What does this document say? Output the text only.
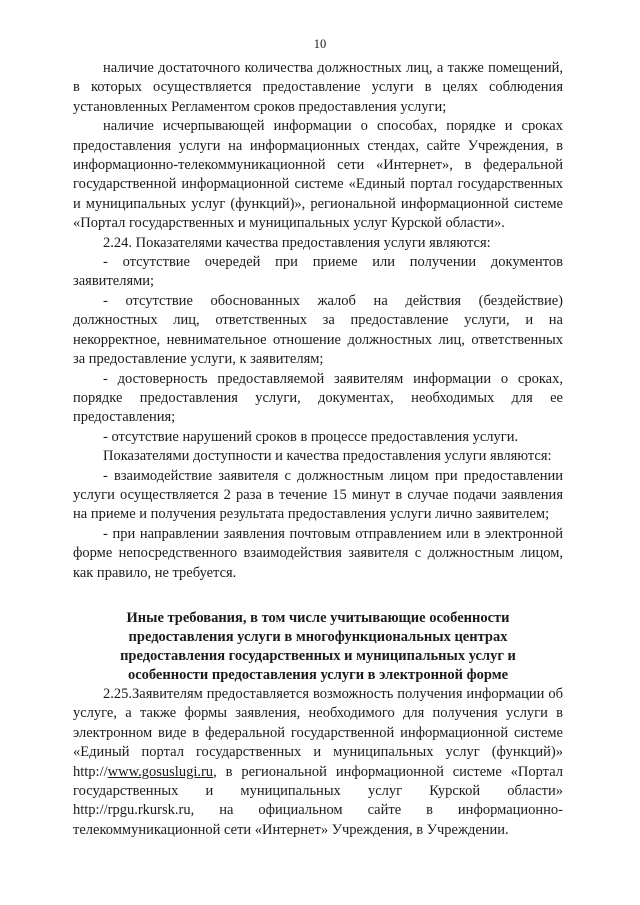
10

наличие достаточного количества должностных лиц, а также помещений, в которых осуществляется предоставление услуги в целях соблюдения установленных Регламентом сроков предоставления услуги;

наличие исчерпывающей информации о способах, порядке и сроках предоставления услуги на информационных стендах, сайте Учреждения, в информационно-телекоммуникационной сети «Интернет», в федеральной государственной информационной системе «Единый портал государственных и муниципальных услуг (функций)», региональной информационной системе «Портал государственных и муниципальных услуг Курской области».

2.24. Показателями качества предоставления услуги являются:

- отсутствие очередей при приеме или получении документов заявителями;

- отсутствие обоснованных жалоб на действия (бездействие) должностных лиц, ответственных за предоставление услуги, и на некорректное, невнимательное отношение должностных лиц, ответственных за предоставление услуги, к заявителям;

- достоверность предоставляемой заявителям информации о сроках, порядке предоставления услуги, документах, необходимых для ее предоставления;

- отсутствие нарушений сроков в процессе предоставления услуги.

Показателями доступности и качества предоставления услуги являются:

- взаимодействие заявителя с должностным лицом при предоставлении услуги осуществляется 2 раза в течение 15 минут в случае подачи заявления на приеме и получения результата предоставления услуги лично заявителем;

- при направлении заявления почтовым отправлением или в электронной форме непосредственного взаимодействия заявителя с должностным лицом, как правило, не требуется.

Иные требования, в том числе учитывающие особенности предоставления услуги в многофункциональных центрах предоставления государственных и муниципальных услуг и особенности предоставления услуги в электронной форме

2.25.Заявителям предоставляется возможность получения информации об услуге, а также формы заявления, необходимого для получения услуги в электронном виде в федеральной государственной информационной системе «Единый портал государственных и муниципальных услуг (функций)» http://www.gosuslugi.ru, в региональной информационной системе «Портал государственных и муниципальных услуг Курской области» http://rpgu.rkursk.ru, на официальном сайте в информационно-телекоммуникационной сети «Интернет» Учреждения, в Учреждении.
